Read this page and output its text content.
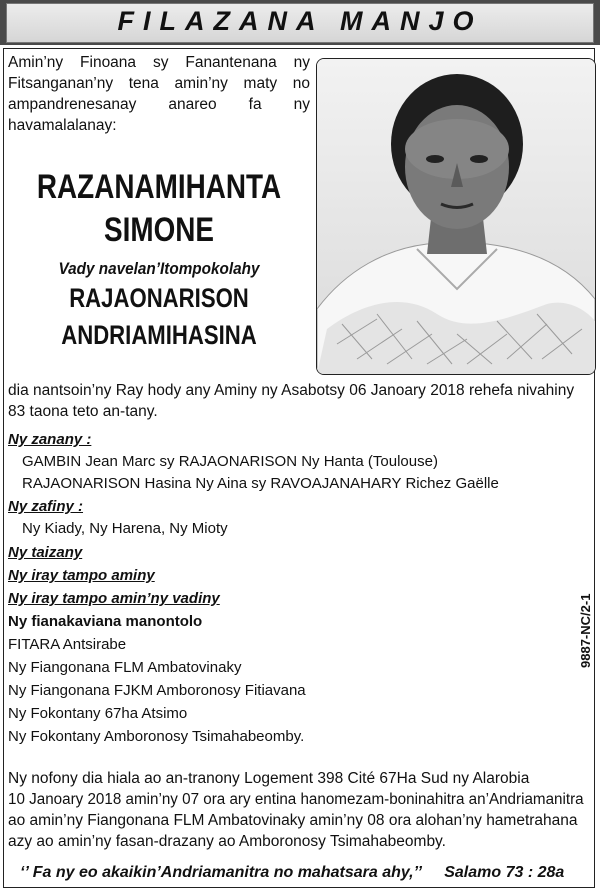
FILAZANA MANJO
Amin’ny Finoana sy Fanantenana ny Fitsanganan’ny tena amin’ny maty no ampandrenesanay anareo fa ny havamalalanay:
RAZANAMIHANTA
SIMONE
Vady navelan’Itompokolahy
RAJAONARISON
ANDRIAMIHASINA
dia nantsoin’ny Ray hody any Aminy ny Asabotsy 06 Janoary 2018 rehefa nivahiny
83 taona teto an-tany.
Ny zanany :
GAMBIN Jean Marc sy RAJAONARISON Ny Hanta (Toulouse)
RAJAONARISON Hasina Ny Aina sy RAVOAJANAHARY Richez Gaëlle
Ny zafiny :
Ny Kiady, Ny Harena, Ny Mioty
Ny taizany
Ny iray tampo aminy
Ny iray tampo amin’ny vadiny
Ny fianakaviana manontolo
FITARA Antsirabe
Ny Fiangonana FLM Ambatovinaky
Ny Fiangonana FJKM Amboronosy Fitiavana
Ny Fokontany 67ha Atsimo
Ny Fokontany Amboronosy Tsimahabeomby.
9887-NC/2-1
Ny nofony dia hiala ao an-tranony Logement 398 Cité 67Ha Sud ny Alarobia
10 Janoary 2018 amin’ny 07 ora ary entina hanomezam-boninahitra an’Andriamanitra
ao amin’ny Fiangonana FLM Ambatovinaky amin’ny 08 ora alohan’ny hametrahana
azy ao amin’ny fasan-drazany ao Amboronosy Tsimahabeomby.
‘’ Fa ny eo akaikin’Andriamanitra no mahatsara ahy,’’ Salamo 73 : 28a
